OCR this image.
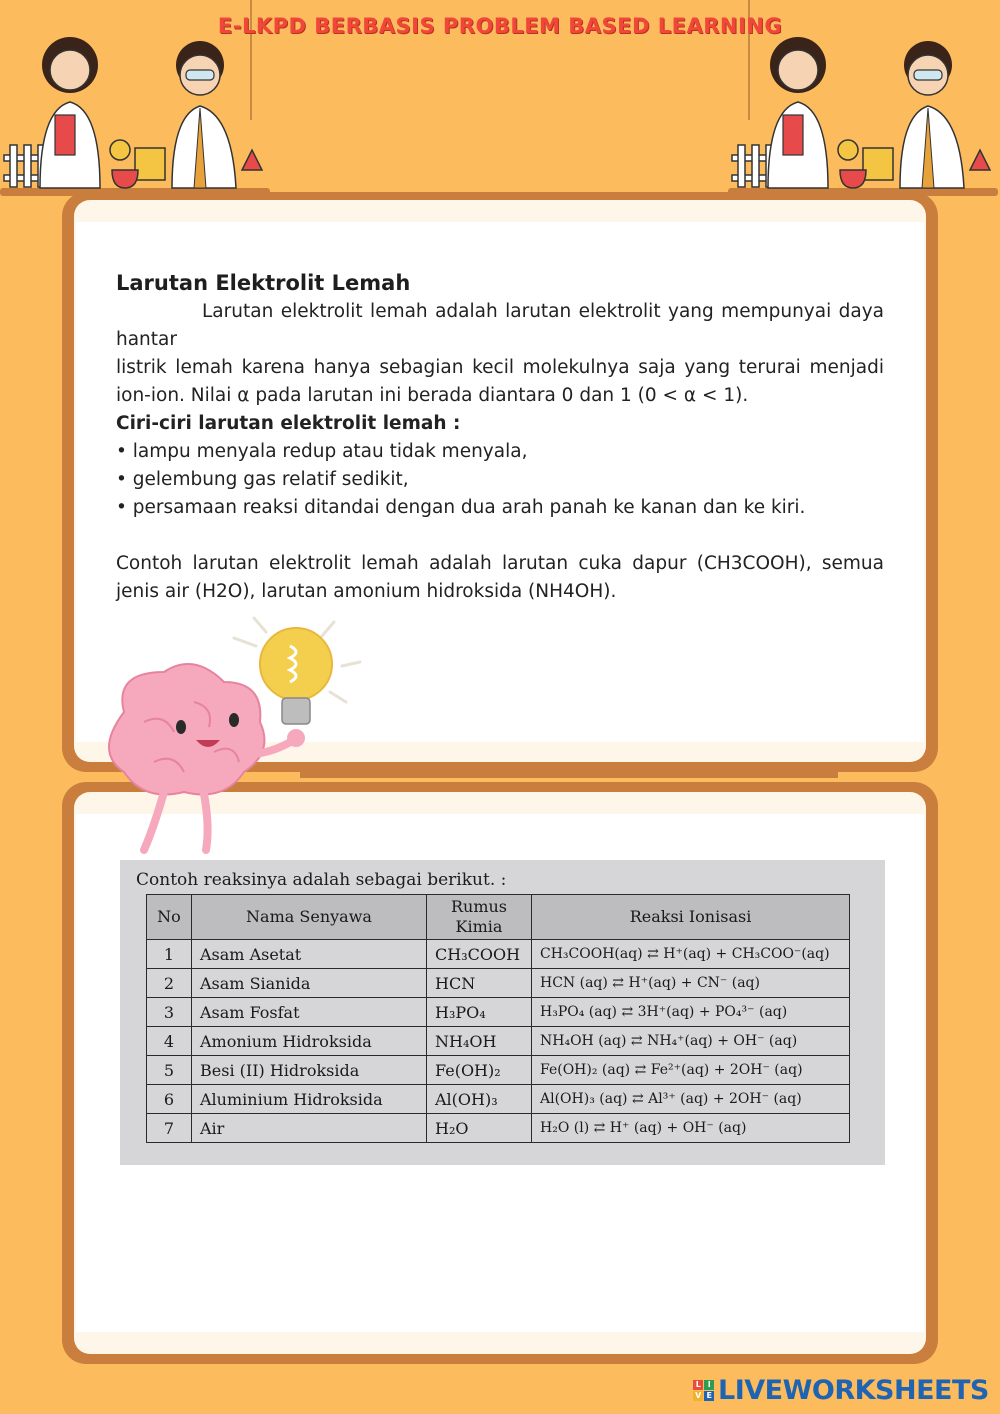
E-LKPD BERBASIS PROBLEM BASED LEARNING

Larutan Elektrolit Lemah

Larutan elektrolit lemah adalah larutan elektrolit yang mempunyai daya hantar

listrik lemah karena hanya sebagian kecil molekulnya saja yang terurai menjadi ion-ion. Nilai α pada larutan ini berada diantara 0 dan 1 (0 < α < 1).

Ciri-ciri larutan elektrolit lemah :

• lampu menyala redup atau tidak menyala,

• gelembung gas relatif sedikit,

• persamaan reaksi ditandai dengan dua arah panah ke kanan dan ke kiri.

Contoh larutan elektrolit lemah adalah larutan cuka dapur (CH3COOH), semua jenis air (H2O), larutan amonium hidroksida (NH4OH).

Contoh reaksinya adalah sebagai berikut. :
No	Nama Senyawa	Rumus Kimia	Reaksi Ionisasi
1	Asam Asetat	CH₃COOH	CH₃COOH(aq) ⇄ H⁺(aq) + CH₃COO⁻(aq)
2	Asam Sianida	HCN	HCN (aq) ⇄ H⁺(aq) + CN⁻ (aq)
3	Asam Fosfat	H₃PO₄	H₃PO₄ (aq) ⇄ 3H⁺(aq) + PO₄³⁻ (aq)
4	Amonium Hidroksida	NH₄OH	NH₄OH (aq) ⇄ NH₄⁺(aq) + OH⁻ (aq)
5	Besi (II) Hidroksida	Fe(OH)₂	Fe(OH)₂ (aq) ⇄ Fe²⁺(aq) + 2OH⁻ (aq)
6	Aluminium Hidroksida	Al(OH)₃	Al(OH)₃ (aq) ⇄ Al³⁺ (aq) + 2OH⁻ (aq)
7	Air	H₂O	H₂O (l) ⇄ H⁺ (aq) + OH⁻ (aq)
L I
V E LIVEWORKSHEETS
